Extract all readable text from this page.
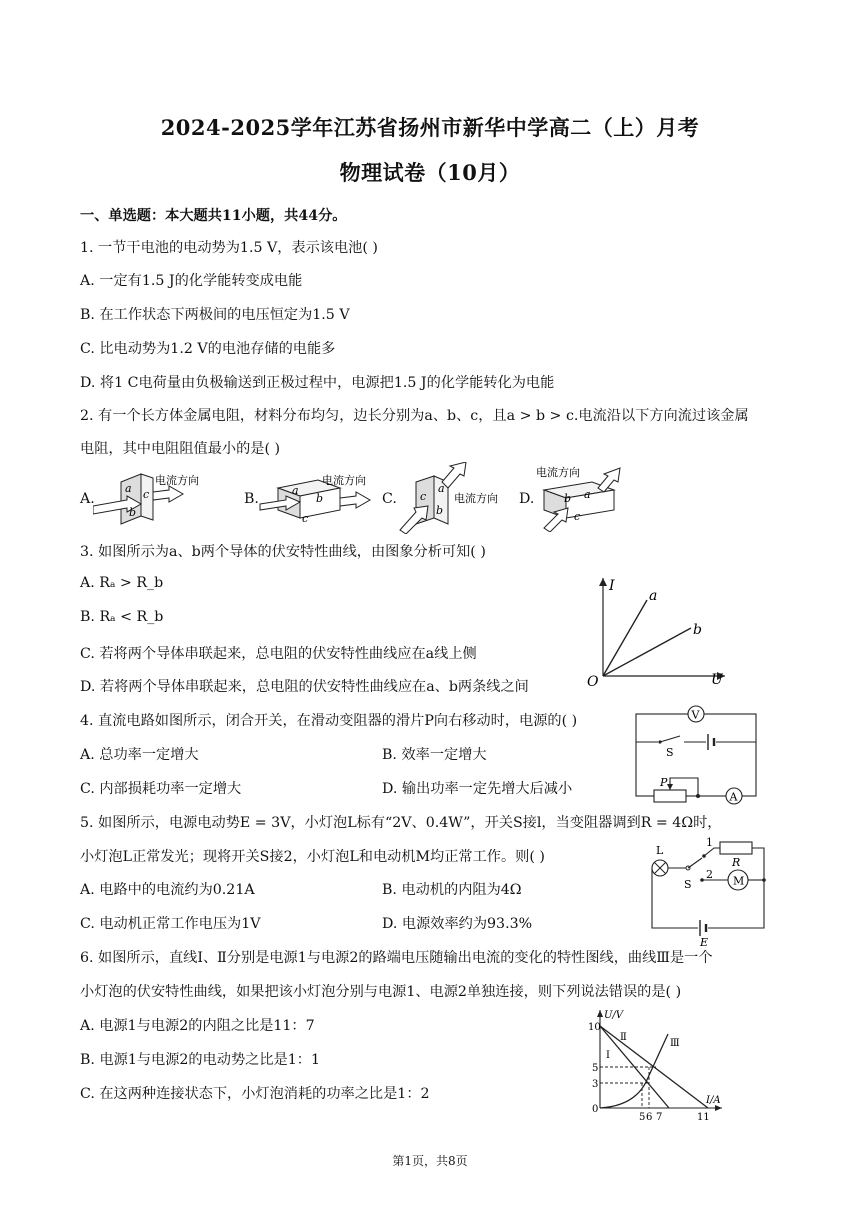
2024-2025学年江苏省扬州市新华中学高二（上）月考
物理试卷（10月）
一、单选题：本大题共11小题，共44分。
1. 一节干电池的电动势为1.5 V，表示该电池( )
A. 一定有1.5 J的化学能转变成电能
B. 在工作状态下两极间的电压恒定为1.5 V
C. 比电动势为1.2 V的电池存储的电能多
D. 将1 C电荷量由负极输送到正极过程中，电源把1.5 J的化学能转化为电能
2. 有一个长方体金属电阻，材料分布均匀，边长分别为a、b、c，且a > b > c.电流沿以下方向流过该金属
电阻，其中电阻阻值最小的是( )
A.
a c
b
电流方向
B.
a
b
c
电流方向
C. c
b
a
电流方向 D.
电流方向
b a
c
3. 如图所示为a、b两个导体的伏安特性曲线，由图象分析可知( )
A. Rₐ > R_b
B. Rₐ < R_b
C. 若将两个导体串联起来，总电阻的伏安特性曲线应在a线上侧
D. 若将两个导体串联起来，总电阻的伏安特性曲线应在a、b两条线之间
I
U
O
a
b
4. 直流电路如图所示，闭合开关，在滑动变阻器的滑片P向右移动时，电源的( )
A. 总功率一定增大	B. 效率一定增大
C. 内部损耗功率一定增大	D. 输出功率一定先增大后减小
V
S
P
A
5. 如图所示，电源电动势E = 3V，小灯泡L标有“2V、0.4W”，开关S接l，当变阻器调到R = 4Ω时，
小灯泡L正常发光；现将开关S接2，小灯泡L和电动机M均正常工作。则( )
A. 电路中的电流约为0.21A	B. 电动机的内阻为4Ω
C. 电动机正常工作电压为1V	D. 电源效率约为93.3%
E
L
S
1
R
2 M
6. 如图所示，直线Ⅰ、Ⅱ分别是电源1与电源2的路端电压随输出电流的变化的特性图线，曲线Ⅲ是一个
小灯泡的伏安特性曲线，如果把该小灯泡分别与电源1、电源2单独连接，则下列说法错误的是( )
A. 电源1与电源2的内阻之比是11：7
B. 电源1与电源2的电动势之比是1：1
C. 在这两种连接状态下，小灯泡消耗的功率之比是1：2
U/V
I/A
10
5
3
0
5 6 7	11
Ⅰ
Ⅱ
Ⅲ
第1页，共8页
